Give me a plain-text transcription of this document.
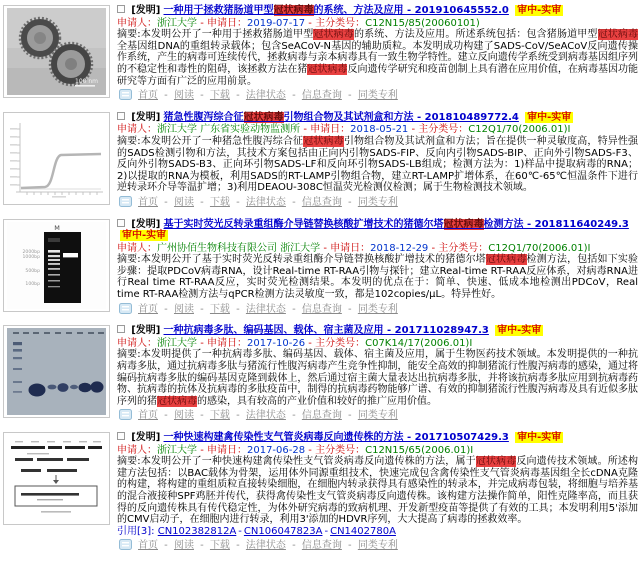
100 nm
[发明] 一种用于拯救猪肠道甲型冠状病毒的系统、方法及应用 - 201910645552.0 审中-实审
申请人：浙江大学 - 申请日：2019-07-17 - 主分类号：C12N15/85(20060101)
摘要:本发明公开了一种用于拯救猪肠道甲型冠状病毒的系统、方法及应用。所述系统包括：包含猪肠道甲型冠状病毒全基因组DNA的重组转录载体；包含SeACoV-N基因的辅助质粒。本发明成功构建了SADS-CoV/SeACoV反向遗传操作系统，产生的病毒可连续传代，拯救病毒与亲本病毒具有一致生物学特性。建立反向遗传学系统受到病毒基因组序列的不稳定性和毒性的阻碍，该拯救方法在猪冠状病毒反向遗传学研究和疫苗创制上具有潜在应用价值，在病毒基因功能研究等方面有广泛的应用前景。
首页 - 阅读 - 下载 - 法律状态 - 信息查询 - 同类专利
[发明] 猪急性腹泻综合征冠状病毒引物组合物及其试剂盒和方法 - 201810489772.4 审中-实审
申请人：浙江大学 广东省实验动物监测所 - 申请日：2018-05-21 - 主分类号：C12Q1/70(2006.01)I
摘要:本发明公开了一种猪急性腹泻综合征冠状病毒引物组合物及其试剂盒和方法；旨在提供一种灵敏度高，特异性强的SADS检测引物和方法，其技术方案包括由正向内引物SADS-FIP、反向内引物SADS-BIP、正向外引物SADS-F3、反向外引物SADS-B3、正向环引物SADS-LF和反向环引物SADS-LB组成；检测方法为：1)样品中提取病毒的RNA；2)以提取的RNA为模板，利用SADS的RT-LAMP引物组合物，建立RT-LAMP扩增体系，在60℃-65℃恒温条件下进行逆转录环介导等温扩增；3)利用DEAOU-308C恒温荧光检测仪检测；属于生物检测技术领域。
首页 - 阅读 - 下载 - 法律状态 - 信息查询 - 同类专利
M
2000bp
1000bp
500bp
100bp
[发明] 基于实时荧光反转录重组酶介导链替换核酸扩增技术的猪德尔塔冠状病毒检测方法 - 201811640249.3 审中-实审
申请人：广州协佰生物科技有限公司 浙江大学 - 申请日：2018-12-29 - 主分类号：C12Q1/70(2006.01)I
摘要:本发明公开了基于实时荧光反转录重组酶介导链替换核酸扩增技术的猪德尔塔冠状病毒检测方法，包括如下实验步骤：提取PDCoV病毒RNA，设计Real-time RT-RAA引物与探针；建立Real-time RT-RAA反应体系，对病毒RNA进行Real time RT-RAA反应，实时荧光检测结果。本发明的优点在于：简单、快速、低成本地检测出PDCoV，Real time RT-RAA检测方法与qPCR检测方法灵敏度一致，都是102copies/μL。特异性好。
首页 - 阅读 - 下载 - 法律状态 - 信息查询 - 同类专利
[发明] 一种抗病毒多肽、编码基因、载体、宿主菌及应用 - 201711028947.3 审中-实审
申请人：浙江大学 - 申请日：2017-10-26 - 主分类号：C07K14/17(2006.01)I
摘要:本发明提供了一种抗病毒多肽、编码基因、载体、宿主菌及应用，属于生物医药技术领域。本发明提供的一种抗病毒多肽，通过抗病毒多肽与猪流行性腹泻病毒产生竞争性抑制，能安全高效的抑制猪流行性腹泻病毒的感染，通过将编码抗病毒多肽的编码基因克隆到载体上，然后通过宿主菌大量表达出抗病毒多肽，并将该抗病毒多肽应用到抗病毒药物、抗病毒的抗体及抗病毒的多肽疫苗中，制得的抗病毒药物能够广谱、有效的抑制猪流行性腹泻病毒及具有近似多肽序列的猪冠状病毒的感染，具有较高的产业价值和较好的推广应用价值。
首页 - 阅读 - 下载 - 法律状态 - 信息查询 - 同类专利
[发明] 一种快速构建禽传染性支气管炎病毒反向遗传株的方法 - 201710507429.3 审中-实审
申请人：浙江大学 - 申请日：2017-06-28 - 主分类号：C12N15/65(2006.01)I
摘要:本发明公开了一种快速构建禽传染性支气管炎病毒反向遗传株的方法，属于冠状病毒反向遗传技术领域。所述构建方法包括：以BAC载体为骨架，运用体外同源重组技术，快速完成包含禽传染性支气管炎病毒基因组全长cDNA克隆的构建，将构建的重组质粒直接转染细胞，在细胞内转录获得具有感染性的转录本，并完成病毒包装，将细胞与培养基的混合液接种SPF鸡胚并传代，获得禽传染性支气管炎病毒反向遗传株。该构建方法操作简单，阳性克隆率高，而且获得的反向遗传株具有传代稳定性，为体外研究病毒的致病机理、开发新型疫苗等提供了有效的工具；本发明利用5'添加的CMV启动子，在细胞内进行转录，利用3'添加的HDVR序列，大大提高了病毒的拯救效率。
引用[3]: CN102382812A - CN106047823A - CN1402780A
首页 - 阅读 - 下载 - 法律状态 - 信息查询 - 同类专利
